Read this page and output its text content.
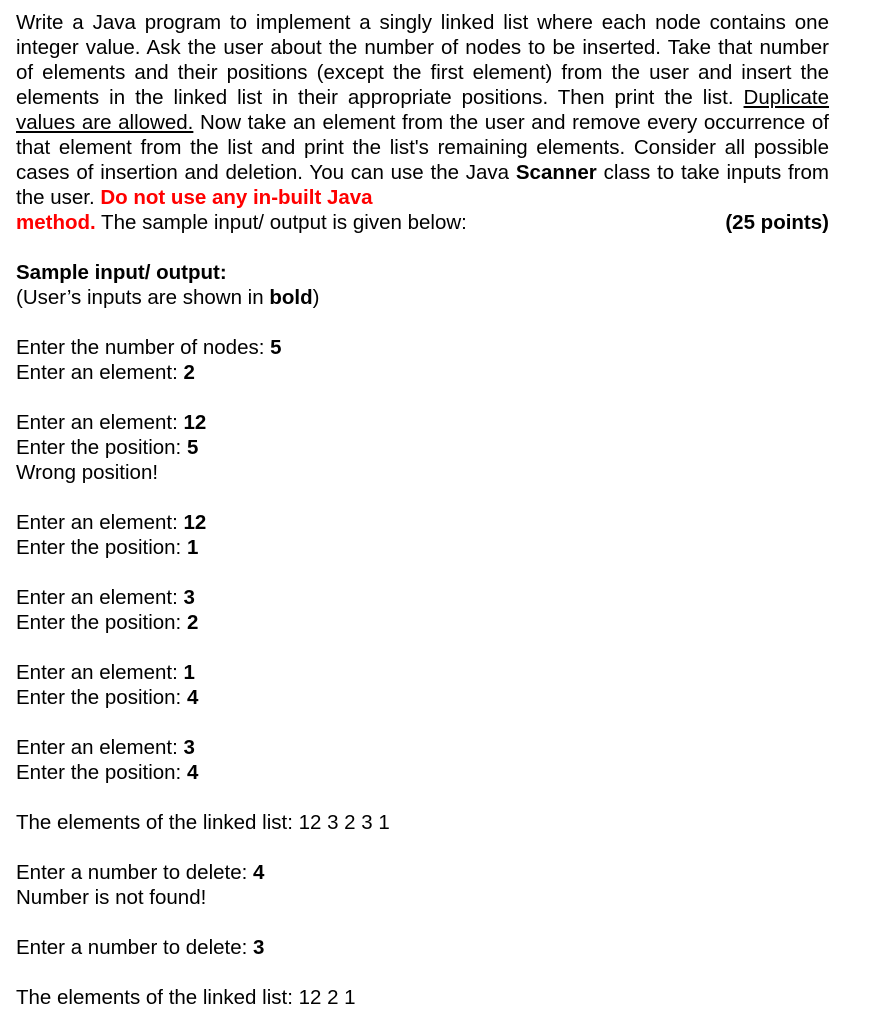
Write a Java program to implement a singly linked list where each node contains one integer value. Ask the user about the number of nodes to be inserted. Take that number of elements and their positions (except the first element) from the user and insert the elements in the linked list in their appropriate positions. Then print the list. Duplicate values are allowed. Now take an element from the user and remove every occurrence of that element from the list and print the list's remaining elements. Consider all possible cases of insertion and deletion. You can use the Java Scanner class to take inputs from the user. Do not use any in-built Java
method. The sample input/ output is given below:	(25 points)

Sample input/ output:
(User’s inputs are shown in bold)
Enter the number of nodes: 5
Enter an element: 2
Enter an element: 12
Enter the position: 5
Wrong position!
Enter an element: 12
Enter the position: 1
Enter an element: 3
Enter the position: 2
Enter an element: 1
Enter the position: 4
Enter an element: 3
Enter the position: 4
The elements of the linked list: 12 3 2 3 1
Enter a number to delete: 4
Number is not found!
Enter a number to delete: 3
The elements of the linked list: 12 2 1
